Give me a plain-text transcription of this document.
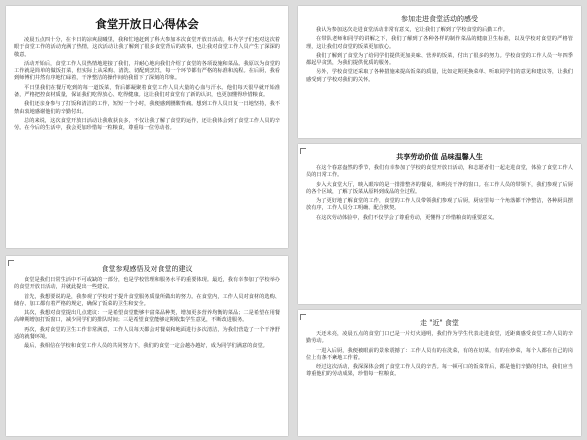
食堂开放日心得体会

凌晨五点四十分，在卡日的凉爽晨曦里，我和忙地赶到了科大参加本次食堂开放日活动。科大学子们也对这次着眼于食堂工作的活动充满了热情，这次活动让我了解到了很多食堂背后的故事，也让我对食堂工作人员产生了深深的敬意。

活动开始后，食堂工作人员热情地迎接了我们，并耐心地向我们介绍了食堂的各项设施和菜品。我原以为食堂的工作就是简单的做饭打菜，但实际上从采购、清洗、切配到烹饪，每一个环节都有严格的标准和流程。在后厨，我看到师傅们井然有序地忙碌着，干净整洁的操作间给我留下了深刻的印象。

平日里我们在餐厅吃到的每一道饭菜，背后都凝聚着食堂工作人员大量的心血与汗水。他们每天很早就开始准备，严格把控食材质量，保证我们吃得放心、吃得健康。这让我们对食堂有了新的认识，也更加懂得珍惜粮食。

我们还亲身参与了打饭和清洁的工作，短短一个小时，我便感到腰酸背痛。想到工作人员日复一日地坚持，我不禁由衷地感谢他们的辛勤付出。

总的来说，这次食堂开放日活动让我收获良多，不仅让我了解了食堂的运作，还让我体会到了食堂工作人员的辛劳。在今后的生活中，我会更加珍惜每一粒粮食，尊重每一位劳动者。

参加走进食堂活动的感受

我认为参加这次走进食堂活动非常有意义，它让我们了解到了学校食堂的后勤工作。

在带队老师和同学的讲解之下，我们了解到了各种各样的制作菜品的健康卫生标准，以及学校对食堂的严格管理，这让我们对食堂的饭菜更加放心。

我们了解到了食堂为了给同学们提供更加美味、营养的饭菜，付出了很多的努力。学校食堂的工作人员一年四季都起早贪黑，为我们提供优质的服务。

另外，学校食堂还采取了各种措施来提高饭菜的质量，比如定期更换菜单、听取同学们的意见和建议等，让我们感受到了学校对我们的关怀。

共享劳动价值 品味温馨人生

在这个春意盎然的季节，我们有幸参加了学校的食堂开放日活动，和志愿者们一起走进食堂，体验了食堂工作人员的日常工作。

步入大食堂大厅，映入眼帘的是一排排整齐的餐桌，和明亮干净的窗口。在工作人员的带领下，我们参观了后厨的各个区域，了解了饭菜从原料到成品的全过程。

为了更好地了解食堂的工作，食堂的工作人员带领我们参观了后厨，厨房里每一个角落都干净整洁，各种厨具摆放有序，工作人员分工明确、配合默契。

在这次劳动体验中，我们不仅学会了尊重劳动，更懂得了珍惜粮食的重要意义。

食堂参观感悟及对食堂的建议

食堂是我们日常生活中不可或缺的一部分，也是学校管理和服务水平的重要体现。最近，我有幸参加了学校举办的食堂开放日活动，并就此提出一些建议。

首先，我想要说的是，我参观了学校对于提升食堂服务质量所做出的努力。在食堂内，工作人员对食材的选购、储存、加工都有着严格的规定，确保了饭菜的卫生和安全。

其次，我想对食堂提出几点建议：一是希望食堂能够丰富菜品种类，增加更多营养均衡的菜品；二是希望在用餐高峰期增加打饭窗口，减少同学们的排队时间；三是希望食堂能够定期收集学生意见，不断改进服务。

再次，我对食堂的卫生工作非常满意，工作人员每天都会对餐桌和地面进行多次清洁，为我们营造了一个干净舒适的就餐环境。

最后，我相信在学校和食堂工作人员的共同努力下，我们的食堂一定会越办越好，成为同学们满意的食堂。

走 "近" 食堂

天还未亮，凌晨五点的食堂门口已是一片灯火通明，我们作为学生代表走进食堂，近距离感受食堂工作人员的辛勤劳动。

一进入后厨，我便被眼前的景象震撼了：工作人员有的在洗菜，有的在切菜，有的在炒菜，每个人都在自己的岗位上有条不紊地工作着。

经过这次活动，我深深体会到了食堂工作人员的辛苦。每一顿可口的饭菜背后，都是他们辛勤的付出，我们应当尊重他们的劳动成果，珍惜每一粒粮食。
